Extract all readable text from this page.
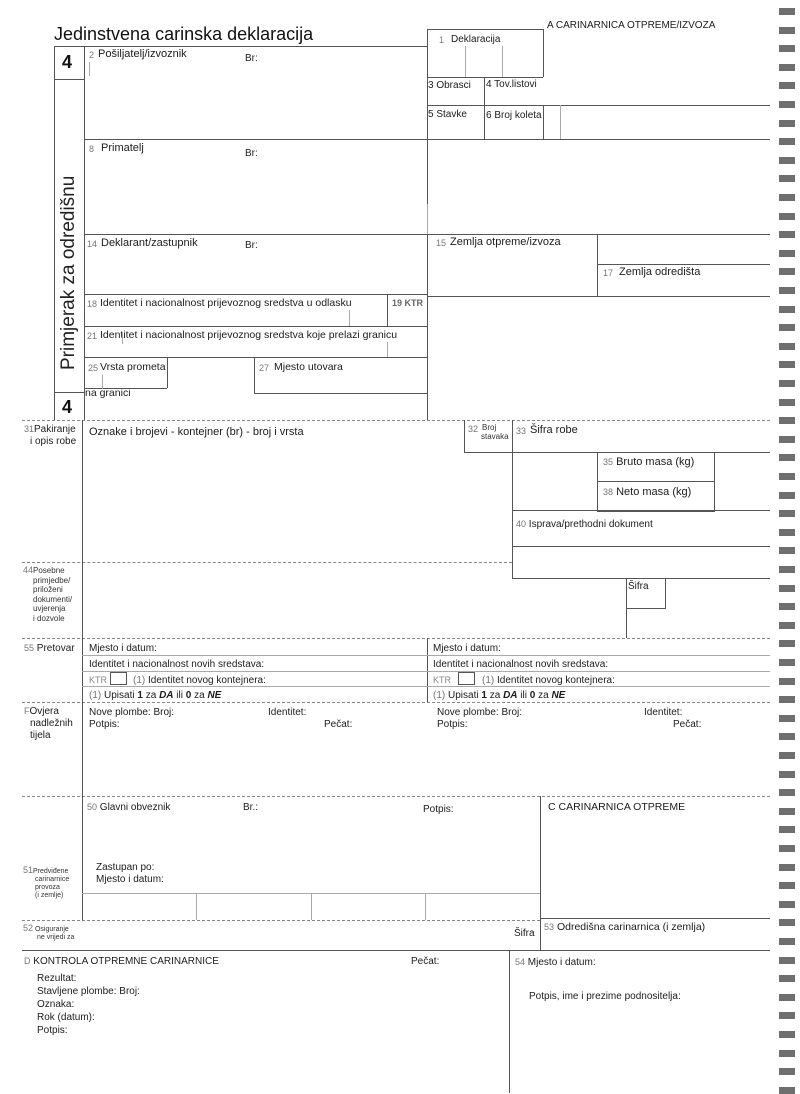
Jedinstvena carinska deklaracija	A CARINARNICA OTPREME/IZVOZA
4
Primjerak za odredišnu
4
2 Pošiljatelj/izvoznik	Br:
1 Deklaracija
3 Obrasci 4 Tov.listovi
5 Stavke 6 Broj koleta
8 Primatelj	Br:
14 Deklarant/zastupnik	Br:	15 Zemlja otpreme/izvoza
17 Zemlja odredišta
18 Identitet i nacionalnost prijevoznog sredstva u odlasku	19 KTR
21 Identitet i nacionalnost prijevoznog sredstva koje prelazi granicu
25 Vrsta prometa
na granici
27 Mjesto utovara
31Pakiranje
i opis robe
Oznake i brojevi - kontejner (br) - broj i vrsta	32 Broj
stavaka
33 Šifra robe
35 Bruto masa (kg)
38 Neto masa (kg)
40 Isprava/prethodni dokument
44Posebne
primjedbe/
priloženi
dokumenti/
uvjerenja
i dozvole
Šifra
55 Pretovar Mjesto i datum:	Mjesto i datum:
Identitet i nacionalnost novih sredstava:	Identitet i nacionalnost novih sredstava:
KTR	(1) Identitet novog kontejnera:	KTR	(1) Identitet novog kontejnera:
(1) Upisati 1 za DA ili 0 za NE	(1) Upisati 1 za DA ili 0 za NE
FOvjera
nadležnih
tijela
Nove plombe: Broj:	Identitet:
Potpis:	Pečat:
Nove plombe: Broj:	Identitet:
Potpis:	Pečat:
50 Glavni obveznik	Br.:	Potpis:	C CARINARNICA OTPREME
51Predviđene
carinarnice
provoza
(i zemlje)
Zastupan po:
Mjesto i datum:
52 Osiguranje
ne vrijedi za	Šifra
53 Odredišna carinarnica (i zemlja)
D KONTROLA OTPREMNE CARINARNICE	Pečat:
Rezultat:
Stavljene plombe: Broj:
Oznaka:
Rok (datum):
Potpis:
54 Mjesto i datum:
Potpis, ime i prezime podnositelja:
